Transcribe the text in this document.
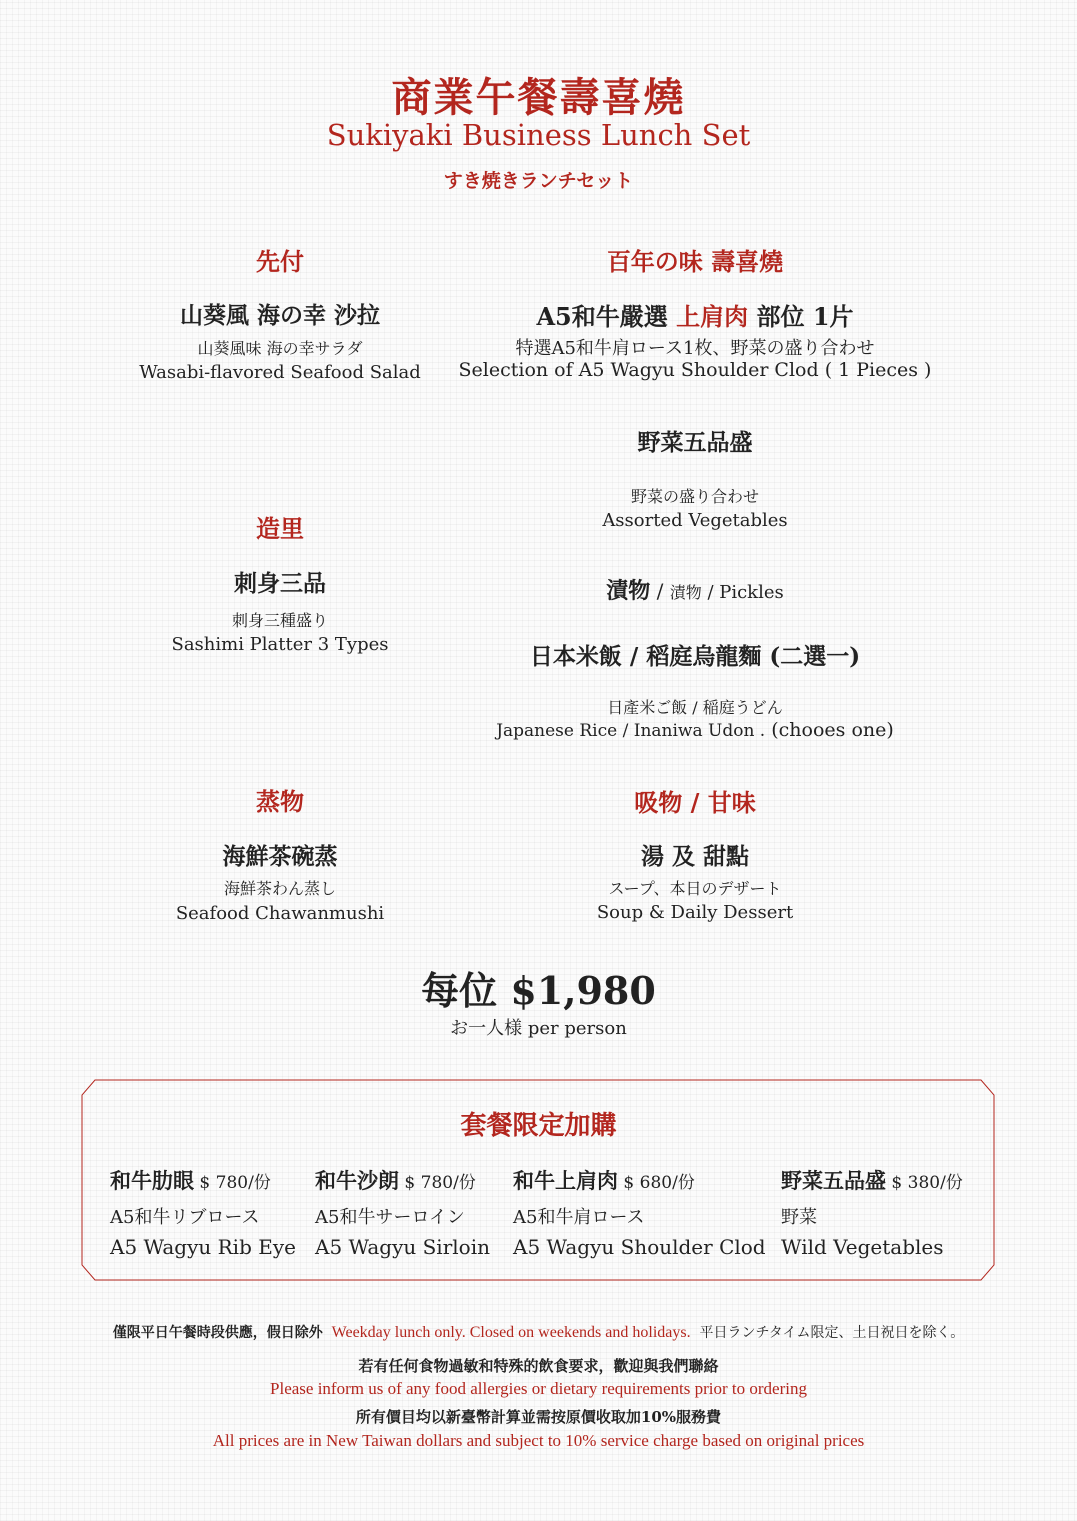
商業午餐壽喜燒
Sukiyaki Business Lunch Set
すき焼きランチセット
先付
山葵風 海の幸 沙拉
山葵風味 海の幸サラダ
Wasabi-flavored Seafood Salad
造里
刺身三品
刺身三種盛り
Sashimi Platter 3 Types
蒸物
海鮮茶碗蒸
海鮮茶わん蒸し
Seafood Chawanmushi
百年の味 壽喜燒
A5和牛嚴選 上肩肉 部位 1片
特選A5和牛肩ロース1枚、野菜の盛り合わせ
Selection of A5 Wagyu Shoulder Clod ( 1 Pieces )
野菜五品盛
野菜の盛り合わせ
Assorted Vegetables
漬物 / 漬物 / Pickles
日本米飯 / 稻庭烏龍麵 (二選一)
日產米ご飯 / 稲庭うどん
Japanese Rice / Inaniwa Udon . (chooes one)
吸物 / 甘味
湯 及 甜點
スープ、本日のデザート
Soup & Daily Dessert
每位 $1,980
お一人様 per person
套餐限定加購
和牛肋眼 $ 780/份
A5和牛リブロース
A5 Wagyu Rib Eye
和牛沙朗 $ 780/份
A5和牛サーロイン
A5 Wagyu Sirloin
和牛上肩肉 $ 680/份
A5和牛肩ロース
A5 Wagyu Shoulder Clod
野菜五品盛 $ 380/份
野菜
Wild Vegetables
僅限平日午餐時段供應，假日除外 Weekday lunch only. Closed on weekends and holidays. 平日ランチタイム限定、土日祝日を除く。
若有任何食物過敏和特殊的飲食要求，歡迎與我們聯絡
Please inform us of any food allergies or dietary requirements prior to ordering
所有價目均以新臺幣計算並需按原價收取加10%服務費
All prices are in New Taiwan dollars and subject to 10% service charge based on original prices
